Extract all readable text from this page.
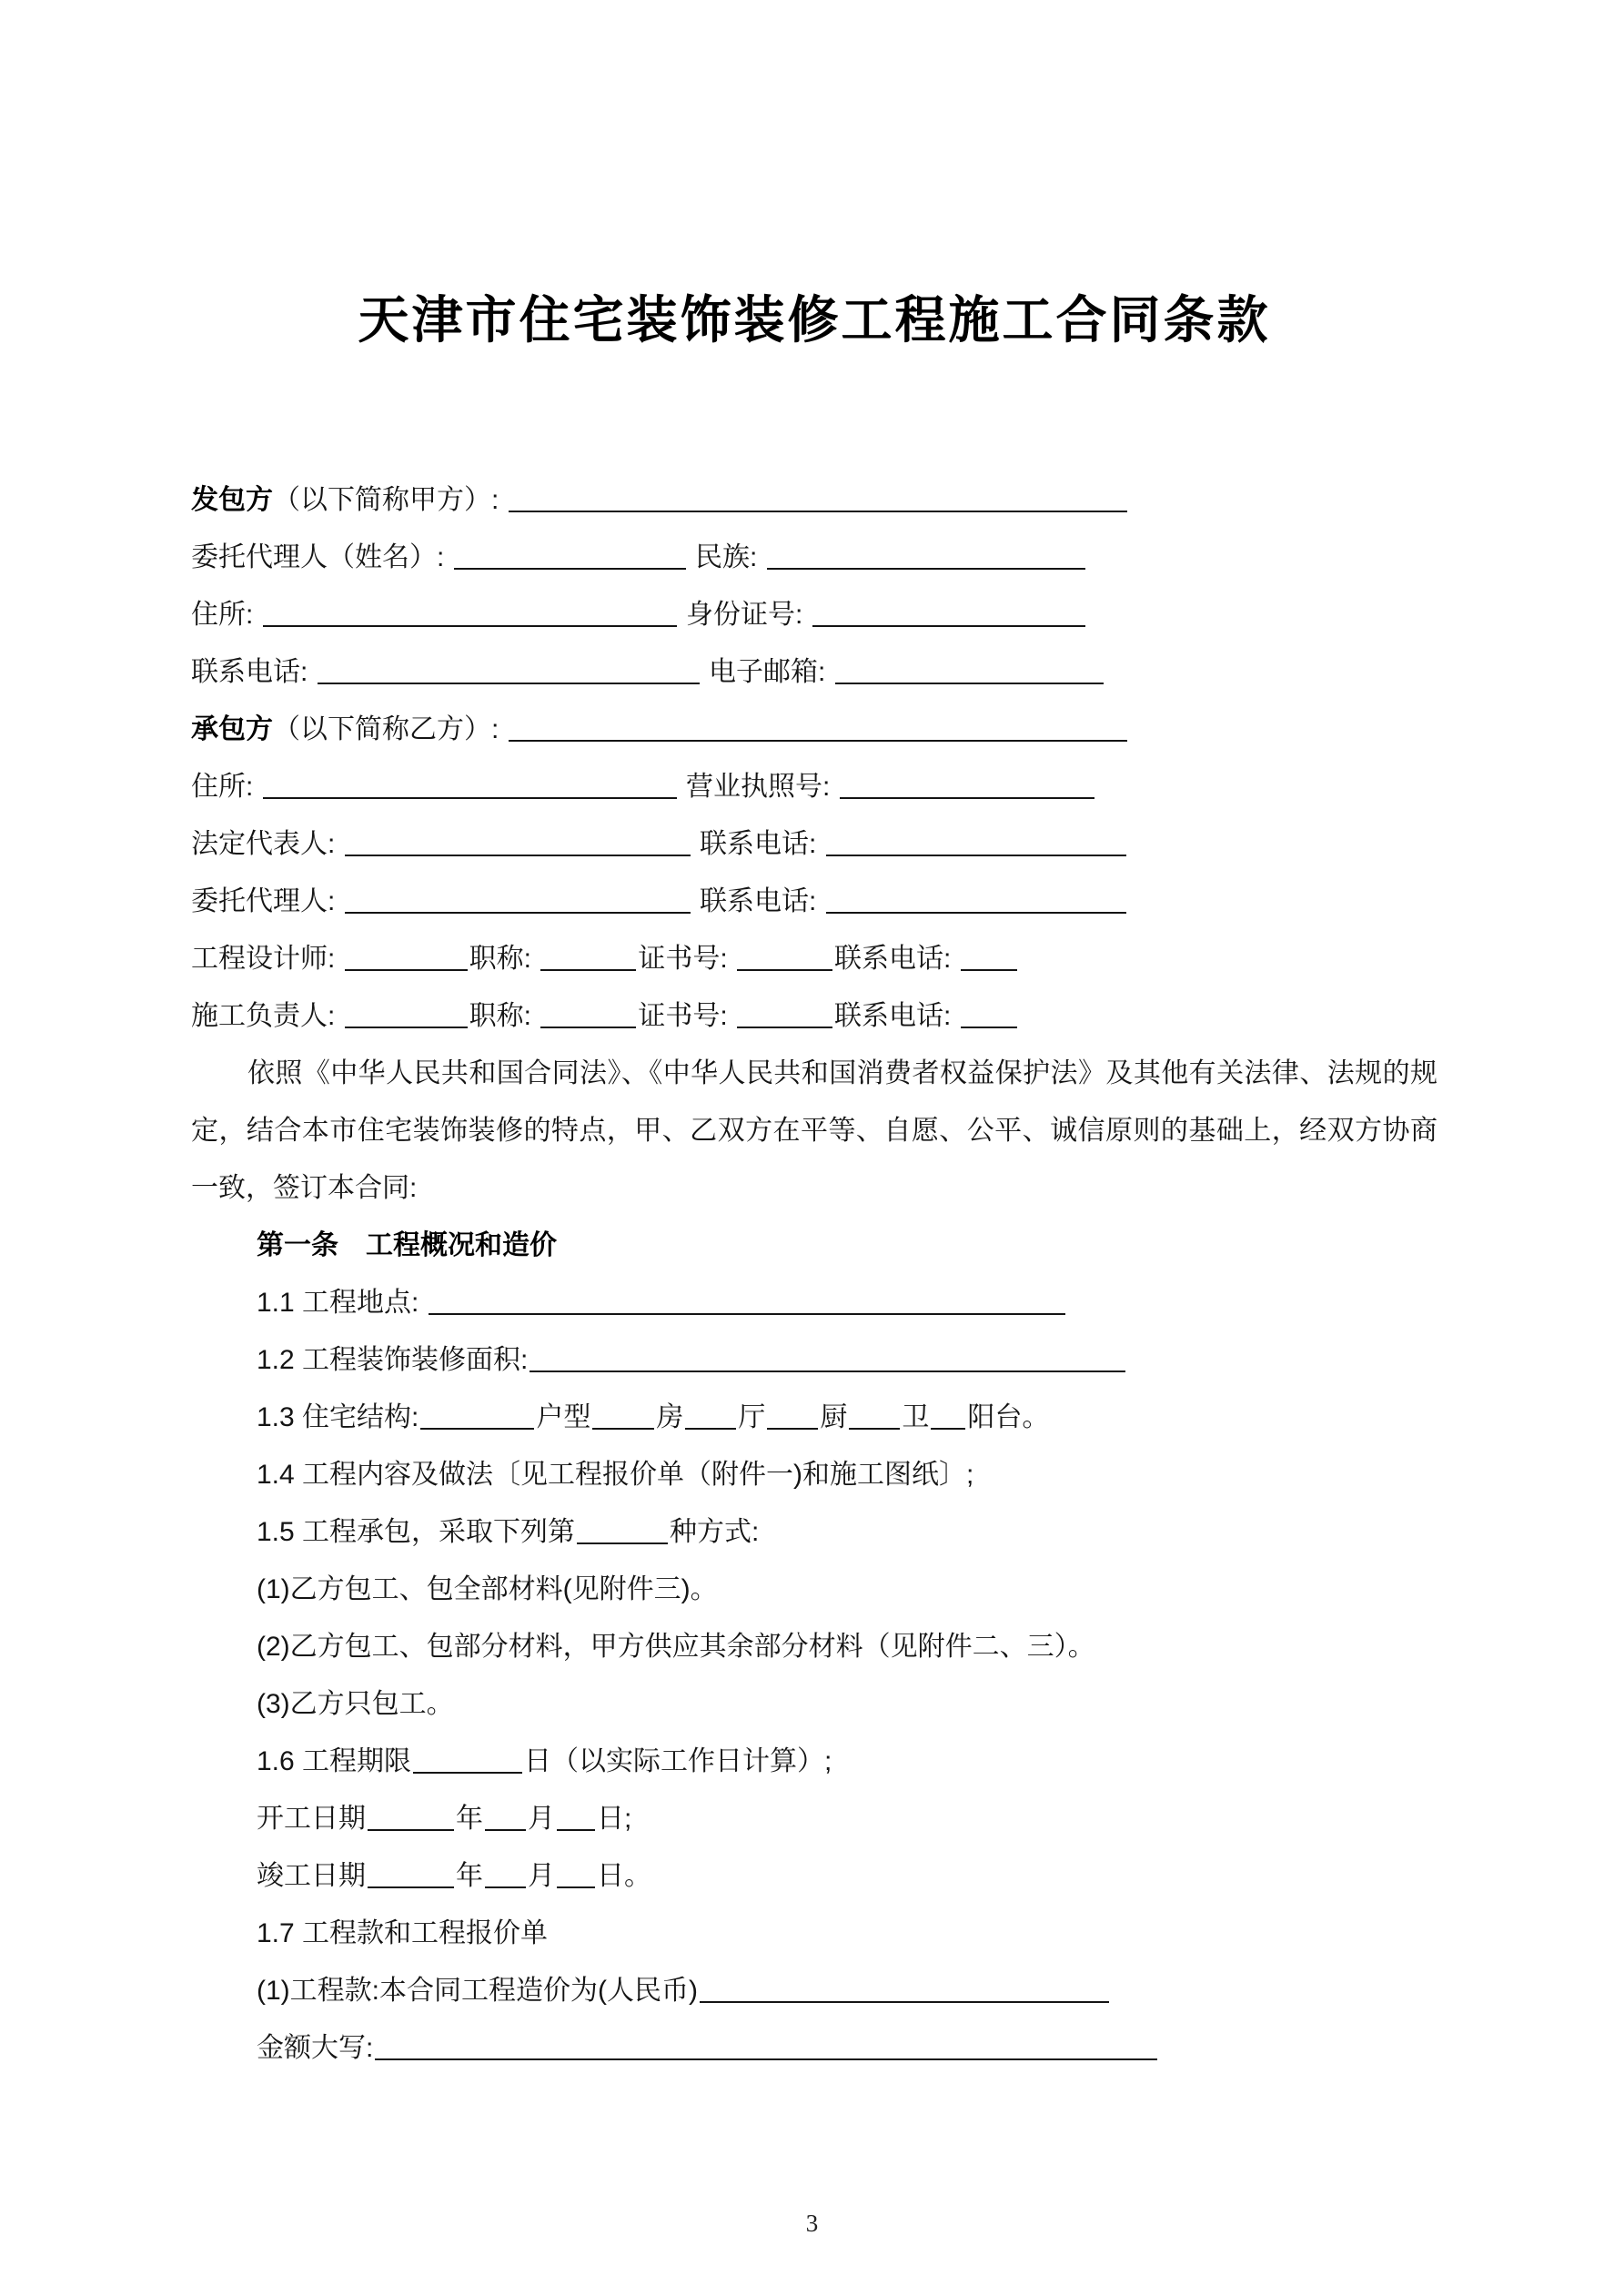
天津市住宅装饰装修工程施工合同条款
发包方（以下简称甲方）:
委托代理人（姓名）:	民族:
住所:	身份证号:
联系电话:	电子邮箱:
承包方（以下简称乙方）:
住所:	营业执照号:
法定代表人:	联系电话:
委托代理人:	联系电话:
工程设计师:	职称:	证书号:	联系电话:
施工负责人:	职称:	证书号:	联系电话:

依照《中华人民共和国合同法》、《中华人民共和国消费者权益保护法》及其他有关法律、法规的规定，结合本市住宅装饰装修的特点，甲、乙双方在平等、自愿、公平、诚信原则的基础上，经双方协商一致，签订本合同:

第一条　工程概况和造价
1.1 工程地点:
1.2 工程装饰装修面积:
1.3 住宅结构:	户型 房 厅 厨 卫 阳台。
1.4 工程内容及做法〔见工程报价单（附件一)和施工图纸〕;
1.5 工程承包，采取下列第	种方式:
(1)乙方包工、包全部材料(见附件三)。
(2)乙方包工、包部分材料，甲方供应其余部分材料（见附件二、三）。
(3)乙方只包工。
1.6 工程期限	日（以实际工作日计算）;
开工日期	年 月 日;
竣工日期	年 月 日。
1.7 工程款和工程报价单
(1)工程款:本合同工程造价为(人民币)
金额大写:
3
